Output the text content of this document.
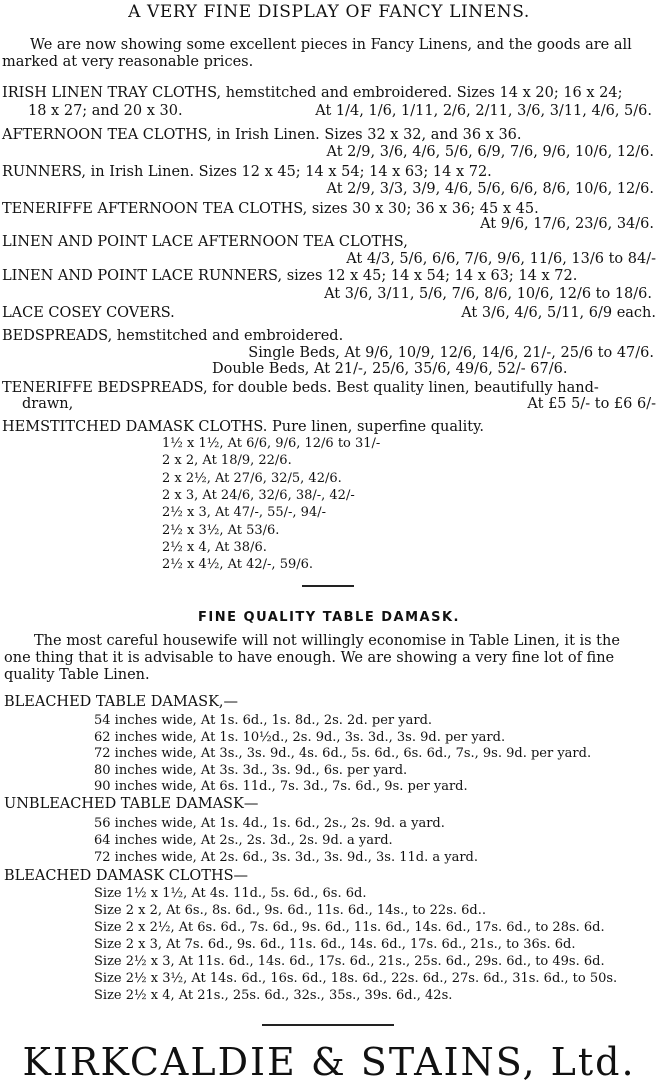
A VERY FINE DISPLAY OF FANCY LINENS.
We are now showing some excellent pieces in Fancy Linens, and the goods are all
marked at very reasonable prices.
IRISH LINEN TRAY CLOTHS, hemstitched and embroidered. Sizes 14 x 20; 16 x 24;
18 x 27; and 20 x 30.	At 1/4, 1/6, 1/11, 2/6, 2/11, 3/6, 3/11, 4/6, 5/6.
AFTERNOON TEA CLOTHS, in Irish Linen. Sizes 32 x 32, and 36 x 36.
At 2/9, 3/6, 4/6, 5/6, 6/9, 7/6, 9/6, 10/6, 12/6.
RUNNERS, in Irish Linen. Sizes 12 x 45; 14 x 54; 14 x 63; 14 x 72.
At 2/9, 3/3, 3/9, 4/6, 5/6, 6/6, 8/6, 10/6, 12/6.
TENERIFFE AFTERNOON TEA CLOTHS, sizes 30 x 30; 36 x 36; 45 x 45.
At 9/6, 17/6, 23/6, 34/6.
LINEN AND POINT LACE AFTERNOON TEA CLOTHS,
At 4/3, 5/6, 6/6, 7/6, 9/6, 11/6, 13/6 to 84/-
LINEN AND POINT LACE RUNNERS, sizes 12 x 45; 14 x 54; 14 x 63; 14 x 72.
At 3/6, 3/11, 5/6, 7/6, 8/6, 10/6, 12/6 to 18/6.
LACE COSEY COVERS.	At 3/6, 4/6, 5/11, 6/9 each.
BEDSPREADS, hemstitched and embroidered.
Single Beds, At 9/6, 10/9, 12/6, 14/6, 21/-, 25/6 to 47/6.
Double Beds, At 21/-, 25/6, 35/6, 49/6, 52/- 67/6.
TENERIFFE BEDSPREADS, for double beds. Best quality linen, beautifully hand-
drawn,	At £5 5/- to £6 6/-
HEMSTITCHED DAMASK CLOTHS. Pure linen, superfine quality.
1½ x 1½, At 6/6, 9/6, 12/6 to 31/-
2 x 2, At 18/9, 22/6.
2 x 2½, At 27/6, 32/5, 42/6.
2 x 3, At 24/6, 32/6, 38/-, 42/-
2½ x 3, At 47/-, 55/-, 94/-
2½ x 3½, At 53/6.
2½ x 4, At 38/6.
2½ x 4½, At 42/-, 59/6.
FINE QUALITY TABLE DAMASK.
The most careful housewife will not willingly economise in Table Linen, it is the
one thing that it is advisable to have enough. We are showing a very fine lot of fine
quality Table Linen.
BLEACHED TABLE DAMASK,—
54 inches wide, At 1s. 6d., 1s. 8d., 2s. 2d. per yard.
62 inches wide, At 1s. 10½d., 2s. 9d., 3s. 3d., 3s. 9d. per yard.
72 inches wide, At 3s., 3s. 9d., 4s. 6d., 5s. 6d., 6s. 6d., 7s., 9s. 9d. per yard.
80 inches wide, At 3s. 3d., 3s. 9d., 6s. per yard.
90 inches wide, At 6s. 11d., 7s. 3d., 7s. 6d., 9s. per yard.
UNBLEACHED TABLE DAMASK—
56 inches wide, At 1s. 4d., 1s. 6d., 2s., 2s. 9d. a yard.
64 inches wide, At 2s., 2s. 3d., 2s. 9d. a yard.
72 inches wide, At 2s. 6d., 3s. 3d., 3s. 9d., 3s. 11d. a yard.
BLEACHED DAMASK CLOTHS—
Size 1½ x 1½, At 4s. 11d., 5s. 6d., 6s. 6d.
Size 2 x 2, At 6s., 8s. 6d., 9s. 6d., 11s. 6d., 14s., to 22s. 6d..
Size 2 x 2½, At 6s. 6d., 7s. 6d., 9s. 6d., 11s. 6d., 14s. 6d., 17s. 6d., to 28s. 6d.
Size 2 x 3, At 7s. 6d., 9s. 6d., 11s. 6d., 14s. 6d., 17s. 6d., 21s., to 36s. 6d.
Size 2½ x 3, At 11s. 6d., 14s. 6d., 17s. 6d., 21s., 25s. 6d., 29s. 6d., to 49s. 6d.
Size 2½ x 3½, At 14s. 6d., 16s. 6d., 18s. 6d., 22s. 6d., 27s. 6d., 31s. 6d., to 50s.
Size 2½ x 4, At 21s., 25s. 6d., 32s., 35s., 39s. 6d., 42s.
KIRKCALDIE & STAINS, Ltd.
